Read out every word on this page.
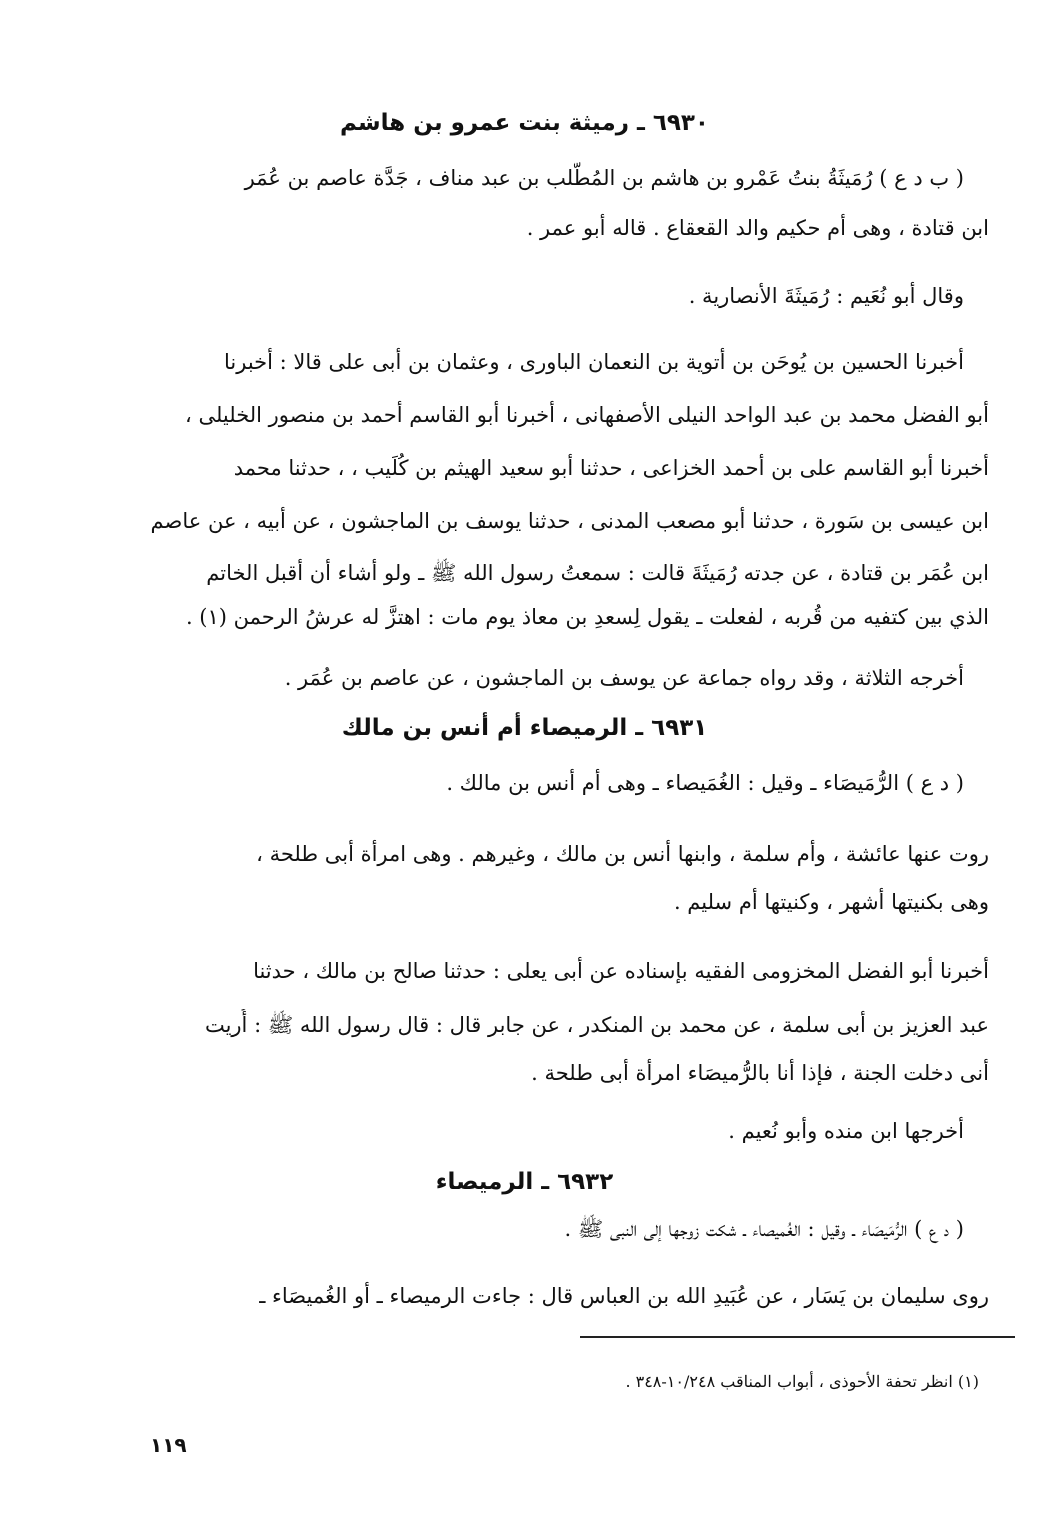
٦٩٣٠ ـ رميثة بنت عمرو بن هاشم
( ب د ع ) رُمَيثَةُ بنتُ عَمْرو بن هاشم بن المُطَّلب بن عبد مناف ، جَدَّة عاصم بن عُمَر
ابن قتادة ، وهى أم حكيم والد القعقاع . قاله أبو عمر .
وقال أبو نُعَيم : رُمَيثَةَ الأنصارية .
أخبرنا الحسين بن يُوحَن بن أتوية بن النعمان الباورى ، وعثمان بن أبى على قالا : أخبرنا
أبو الفضل محمد بن عبد الواحد النيلى الأصفهانى ، أخبرنا أبو القاسم أحمد بن منصور الخليلى ،
أخبرنا أبو القاسم على بن أحمد الخزاعى ، حدثنا أبو سعيد الهيثم بن كُلَيب ، ، حدثنا محمد
ابن عيسى بن سَورة ، حدثنا أبو مصعب المدنى ، حدثنا يوسف بن الماجشون ، عن أبيه ، عن عاصم
ابن عُمَر بن قتادة ، عن جدته رُمَيثَةَ قالت : سمعتُ رسول الله ﷺ ـ ولو أشاء أن أقبل الخاتم
الذي بين كتفيه من قُربه ، لفعلت ـ يقول لِسعدِ بن معاذ يوم مات : اهتزَّ له عرشُ الرحمن (١) .
أخرجه الثلاثة ، وقد رواه جماعة عن يوسف بن الماجشون ، عن عاصم بن عُمَر .
٦٩٣١ ـ الرميصاء أم أنس بن مالك
( د ع ) الرُّمَيصَاء ـ وقيل : الغُمَيصاء ـ وهى أم أنس بن مالك .
روت عنها عائشة ، وأم سلمة ، وابنها أنس بن مالك ، وغيرهم . وهى امرأة أبى طلحة ،
وهى بكنيتها أشهر ، وكنيتها أم سليم .
أخبرنا أبو الفضل المخزومى الفقيه بإسناده عن أبى يعلى : حدثنا صالح بن مالك ، حدثنا
عبد العزيز بن أبى سلمة ، عن محمد بن المنكدر ، عن جابر قال : قال رسول الله ﷺ : أُريت
أنى دخلت الجنة ، فإذا أنا بالرُّميصَاء امرأة أبى طلحة .
أخرجها ابن منده وأبو نُعيم .
٦٩٣٢ ـ الرميصاء
( د ع ) الرُّمَيصَاء ـ وقيل : الغُميصاء ـ شكت زوجها إلى النبى ﷺ .
روى سليمان بن يَسَار ، عن عُبَيدِ الله بن العباس قال : جاءت الرميصاء ـ أو الغُميصَاء ـ
(١) انظر تحفة الأحوذى ، أبواب المناقب ١٠/٢٤٨-٣٤٨ .
١١٩
